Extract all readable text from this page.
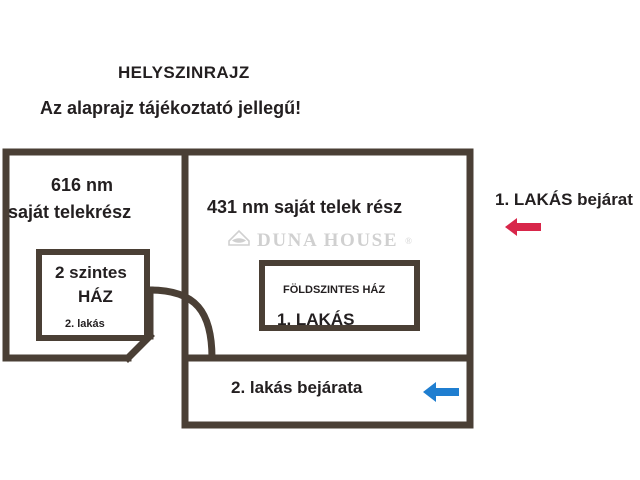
HELYSZINRAJZ
Az alaprajz tájékoztató jellegű!
616 nm
saját telekrész	431 nm saját telek rész
2 szintes
HÁZ
2. lakás
FÖLDSZINTES HÁZ
1. LAKÁS
2. lakás bejárata
1. LAKÁS bejárat
DUNA HOUSE ®
